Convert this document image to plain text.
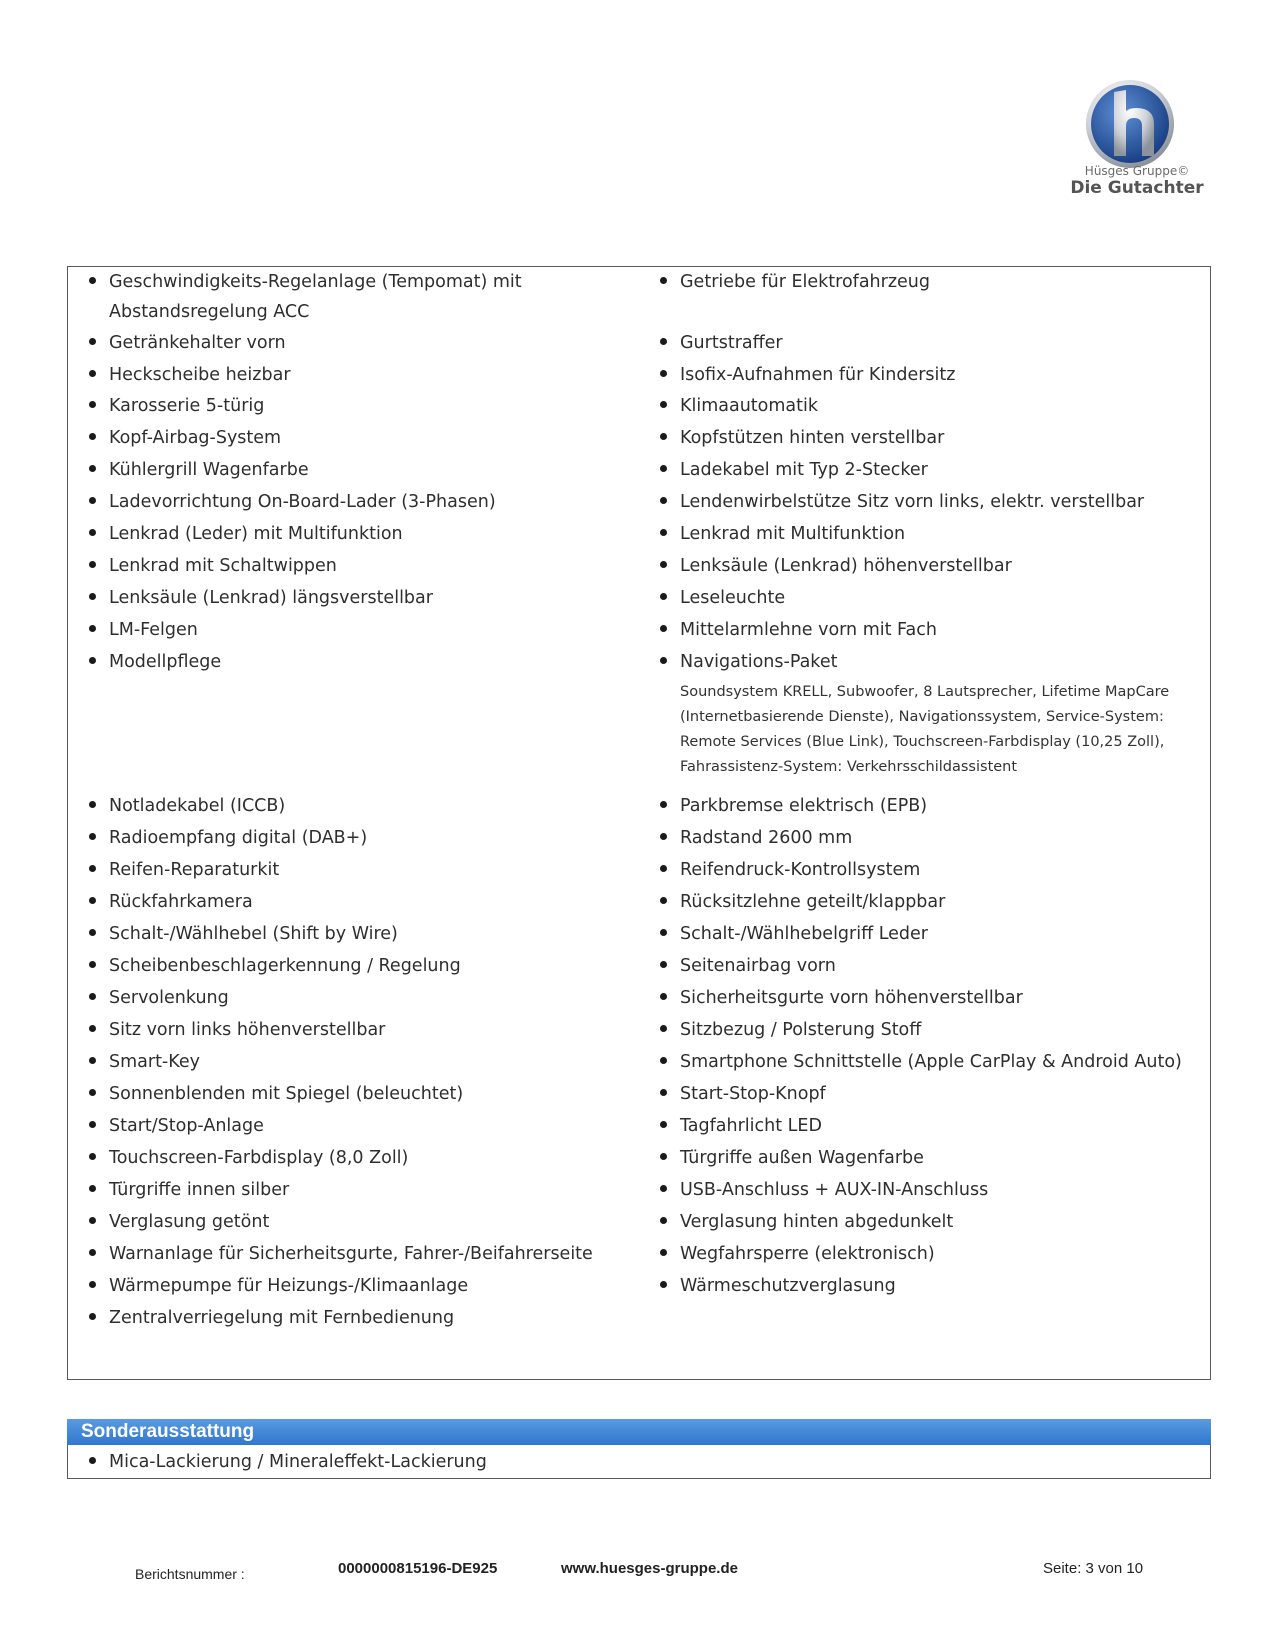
Hüsges Gruppe©
Die Gutachter
Geschwindigkeits-Regelanlage (Tempomat) mit Abstandsregelung ACC
Getränkehalter vorn
Heckscheibe heizbar
Karosserie 5-türig
Kopf-Airbag-System
Kühlergrill Wagenfarbe
Ladevorrichtung On-Board-Lader (3-Phasen)
Lenkrad (Leder) mit Multifunktion
Lenkrad mit Schaltwippen
Lenksäule (Lenkrad) längsverstellbar
LM-Felgen
Modellpflege
Notladekabel (ICCB)
Radioempfang digital (DAB+)
Reifen-Reparaturkit
Rückfahrkamera
Schalt-/Wählhebel (Shift by Wire)
Scheibenbeschlagerkennung / Regelung
Servolenkung
Sitz vorn links höhenverstellbar
Smart-Key
Sonnenblenden mit Spiegel (beleuchtet)
Start/Stop-Anlage
Touchscreen-Farbdisplay (8,0 Zoll)
Türgriffe innen silber
Verglasung getönt
Warnanlage für Sicherheitsgurte, Fahrer-/Beifahrerseite
Wärmepumpe für Heizungs-/Klimaanlage
Zentralverriegelung mit Fernbedienung
Getriebe für Elektrofahrzeug
Gurtstraffer
Isofix-Aufnahmen für Kindersitz
Klimaautomatik
Kopfstützen hinten verstellbar
Ladekabel mit Typ 2-Stecker
Lendenwirbelstütze Sitz vorn links, elektr. verstellbar
Lenkrad mit Multifunktion
Lenksäule (Lenkrad) höhenverstellbar
Leseleuchte
Mittelarmlehne vorn mit Fach
Navigations-Paket
Soundsystem KRELL, Subwoofer, 8 Lautsprecher, Lifetime MapCare (Internetbasierende Dienste), Navigationssystem, Service-System: Remote Services (Blue Link), Touchscreen-Farbdisplay (10,25 Zoll), Fahrassistenz-System: Verkehrsschildassistent
Parkbremse elektrisch (EPB)
Radstand 2600 mm
Reifendruck-Kontrollsystem
Rücksitzlehne geteilt/klappbar
Schalt-/Wählhebelgriff Leder
Seitenairbag vorn
Sicherheitsgurte vorn höhenverstellbar
Sitzbezug / Polsterung Stoff
Smartphone Schnittstelle (Apple CarPlay & Android Auto)
Start-Stop-Knopf
Tagfahrlicht LED
Türgriffe außen Wagenfarbe
USB-Anschluss + AUX-IN-Anschluss
Verglasung hinten abgedunkelt
Wegfahrsperre (elektronisch)
Wärmeschutzverglasung
Sonderausstattung
Mica-Lackierung / Mineraleffekt-Lackierung
Berichtsnummer :	0000000815196-DE925	www.huesges-gruppe.de	Seite: 3 von 10
